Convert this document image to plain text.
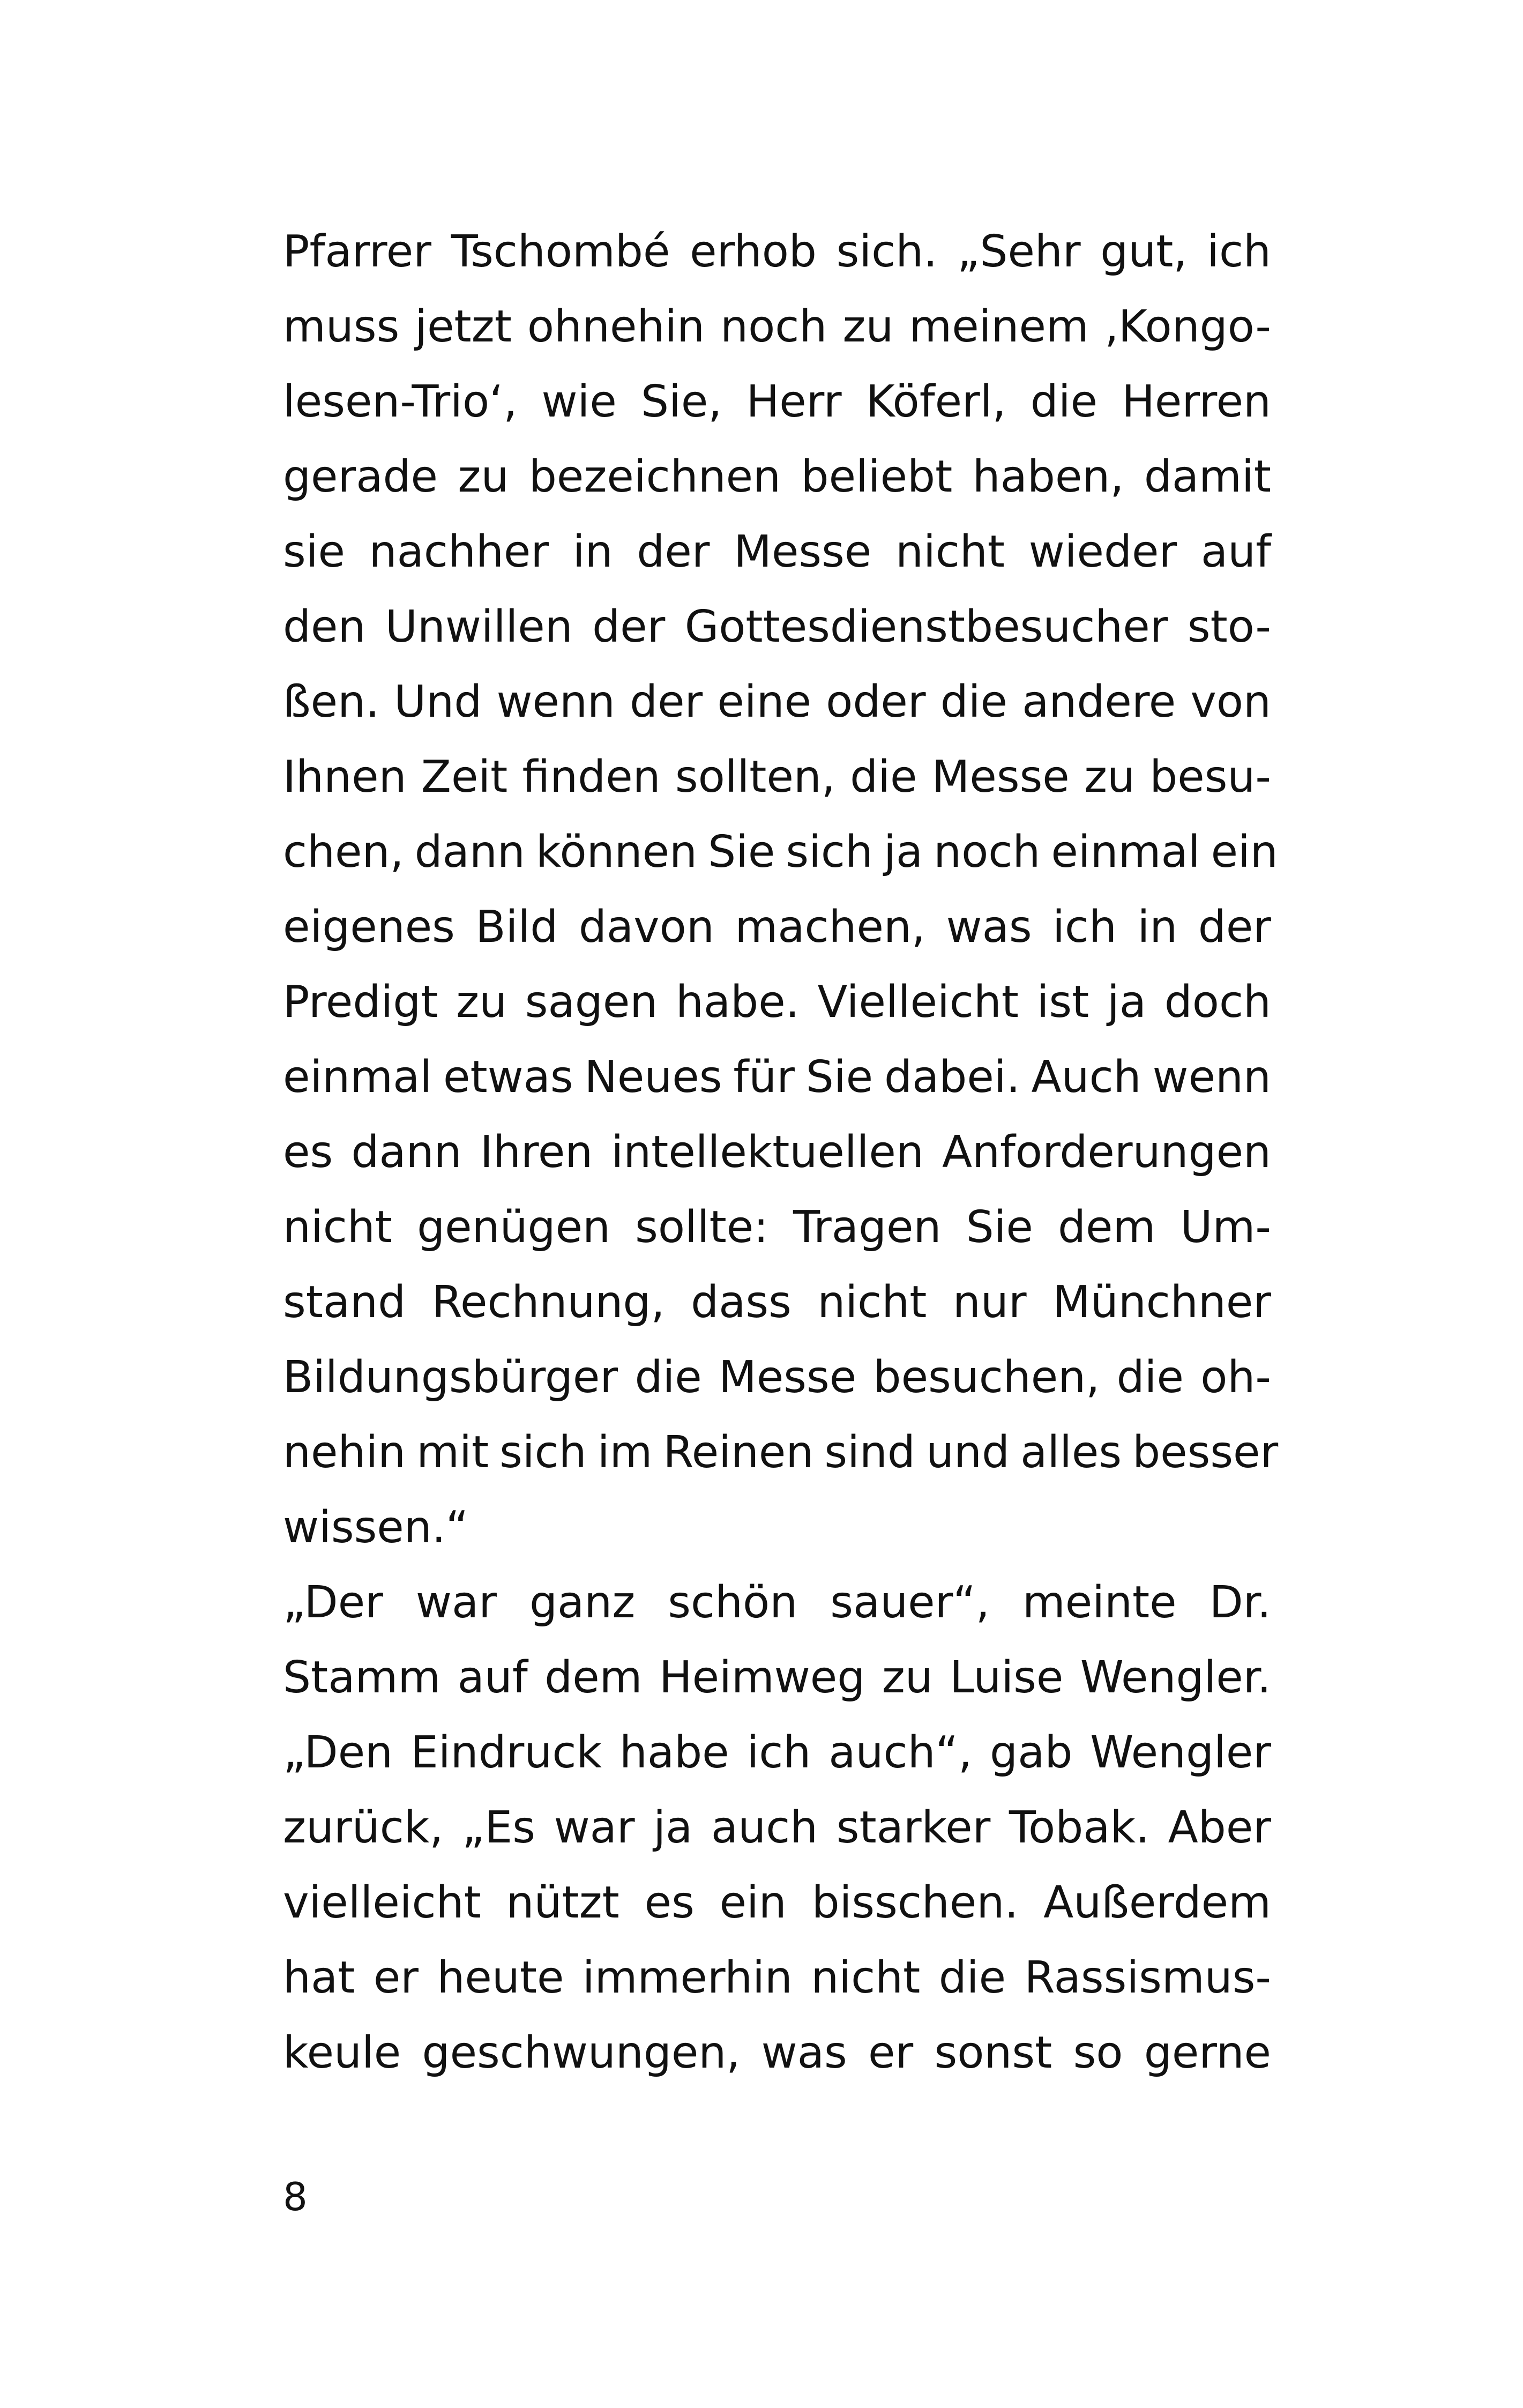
Pfarrer Tschombé erhob sich. „Sehr gut, ich
muss jetzt ohnehin noch zu meinem ‚Kongo-
lesen-Trio‘, wie Sie, Herr Köferl, die Herren
gerade zu bezeichnen beliebt haben, damit
sie nachher in der Messe nicht wieder auf
den Unwillen der Gottesdienstbesucher sto-
ßen. Und wenn der eine oder die andere von
Ihnen Zeit finden sollten, die Messe zu besu-
chen, dann können Sie sich ja noch einmal ein
eigenes Bild davon machen, was ich in der
Predigt zu sagen habe. Vielleicht ist ja doch
einmal etwas Neues für Sie dabei. Auch wenn
es dann Ihren intellektuellen Anforderungen
nicht genügen sollte: Tragen Sie dem Um-
stand Rechnung, dass nicht nur Münchner
Bildungsbürger die Messe besuchen, die oh-
nehin mit sich im Reinen sind und alles besser
wissen.“
„Der war ganz schön sauer“, meinte Dr.
Stamm auf dem Heimweg zu Luise Wengler.
„Den Eindruck habe ich auch“, gab Wengler
zurück, „Es war ja auch starker Tobak. Aber
vielleicht nützt es ein bisschen. Außerdem
hat er heute immerhin nicht die Rassismus-
keule geschwungen, was er sonst so gerne
8
